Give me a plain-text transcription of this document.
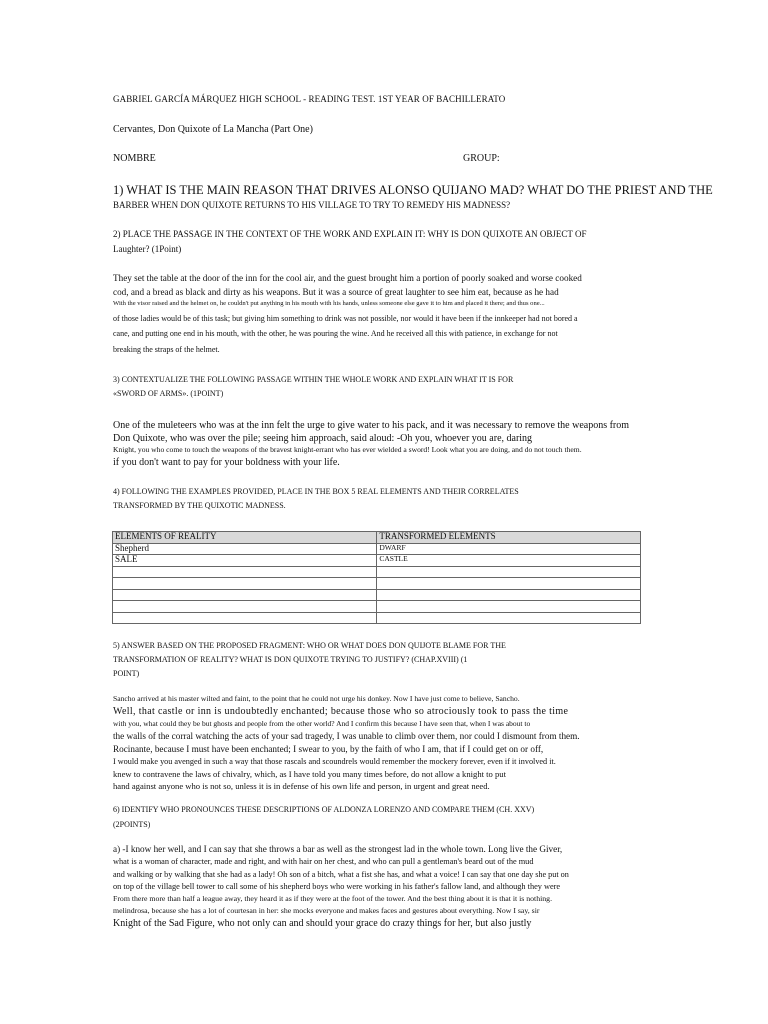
GABRIEL GARCÍA MÁRQUEZ HIGH SCHOOL - READING TEST. 1ST YEAR OF BACHILLERATO
Cervantes, Don Quixote of La Mancha (Part One)
NOMBRE	GROUP:
1) WHAT IS THE MAIN REASON THAT DRIVES ALONSO QUIJANO MAD? WHAT DO THE PRIEST AND THE
BARBER WHEN DON QUIXOTE RETURNS TO HIS VILLAGE TO TRY TO REMEDY HIS MADNESS?
2) PLACE THE PASSAGE IN THE CONTEXT OF THE WORK AND EXPLAIN IT: WHY IS DON QUIXOTE AN OBJECT OF
Laughter? (1Point)
They set the table at the door of the inn for the cool air, and the guest brought him a portion of poorly soaked and worse cooked
cod, and a bread as black and dirty as his weapons. But it was a source of great laughter to see him eat, because as he had
With the visor raised and the helmet on, he couldn't put anything in his mouth with his hands, unless someone else gave it to him and placed it there; and thus one...
of those ladies would be of this task; but giving him something to drink was not possible, nor would it have been if the innkeeper had not bored a
cane, and putting one end in his mouth, with the other, he was pouring the wine. And he received all this with patience, in exchange for not
breaking the straps of the helmet.
3) CONTEXTUALIZE THE FOLLOWING PASSAGE WITHIN THE WHOLE WORK AND EXPLAIN WHAT IT IS FOR
«SWORD OF ARMS». (1POINT)
One of the muleteers who was at the inn felt the urge to give water to his pack, and it was necessary to remove the weapons from
Don Quixote, who was over the pile; seeing him approach, said aloud: -Oh you, whoever you are, daring
Knight, you who come to touch the weapons of the bravest knight-errant who has ever wielded a sword! Look what you are doing, and do not touch them.
if you don't want to pay for your boldness with your life.
4) FOLLOWING THE EXAMPLES PROVIDED, PLACE IN THE BOX 5 REAL ELEMENTS AND THEIR CORRELATES
TRANSFORMED BY THE QUIXOTIC MADNESS.
ELEMENTS OF REALITY	TRANSFORMED ELEMENTS
Shepherd	DWARF
SALE	CASTLE

5) ANSWER BASED ON THE PROPOSED FRAGMENT: WHO OR WHAT DOES DON QUIJOTE BLAME FOR THE
TRANSFORMATION OF REALITY? WHAT IS DON QUIXOTE TRYING TO JUSTIFY? (CHAP.XVIII) (1
POINT)
Sancho arrived at his master wilted and faint, to the point that he could not urge his donkey. Now I have just come to believe, Sancho.
Well, that castle or inn is undoubtedly enchanted; because those who so atrociously took to pass the time
with you, what could they be but ghosts and people from the other world? And I confirm this because I have seen that, when I was about to
the walls of the corral watching the acts of your sad tragedy, I was unable to climb over them, nor could I dismount from them.
Rocinante, because I must have been enchanted; I swear to you, by the faith of who I am, that if I could get on or off,
I would make you avenged in such a way that those rascals and scoundrels would remember the mockery forever, even if it involved it.
knew to contravene the laws of chivalry, which, as I have told you many times before, do not allow a knight to put
hand against anyone who is not so, unless it is in defense of his own life and person, in urgent and great need.
6) IDENTIFY WHO PRONOUNCES THESE DESCRIPTIONS OF ALDONZA LORENZO AND COMPARE THEM (CH. XXV)
(2POINTS)
a) -I know her well, and I can say that she throws a bar as well as the strongest lad in the whole town. Long live the Giver,
what is a woman of character, made and right, and with hair on her chest, and who can pull a gentleman's beard out of the mud
and walking or by walking that she had as a lady! Oh son of a bitch, what a fist she has, and what a voice! I can say that one day she put on
on top of the village bell tower to call some of his shepherd boys who were working in his father's fallow land, and although they were
From there more than half a league away, they heard it as if they were at the foot of the tower. And the best thing about it is that it is nothing.
melindrosa, because she has a lot of courtesan in her: she mocks everyone and makes faces and gestures about everything. Now I say, sir
Knight of the Sad Figure, who not only can and should your grace do crazy things for her, but also justly
